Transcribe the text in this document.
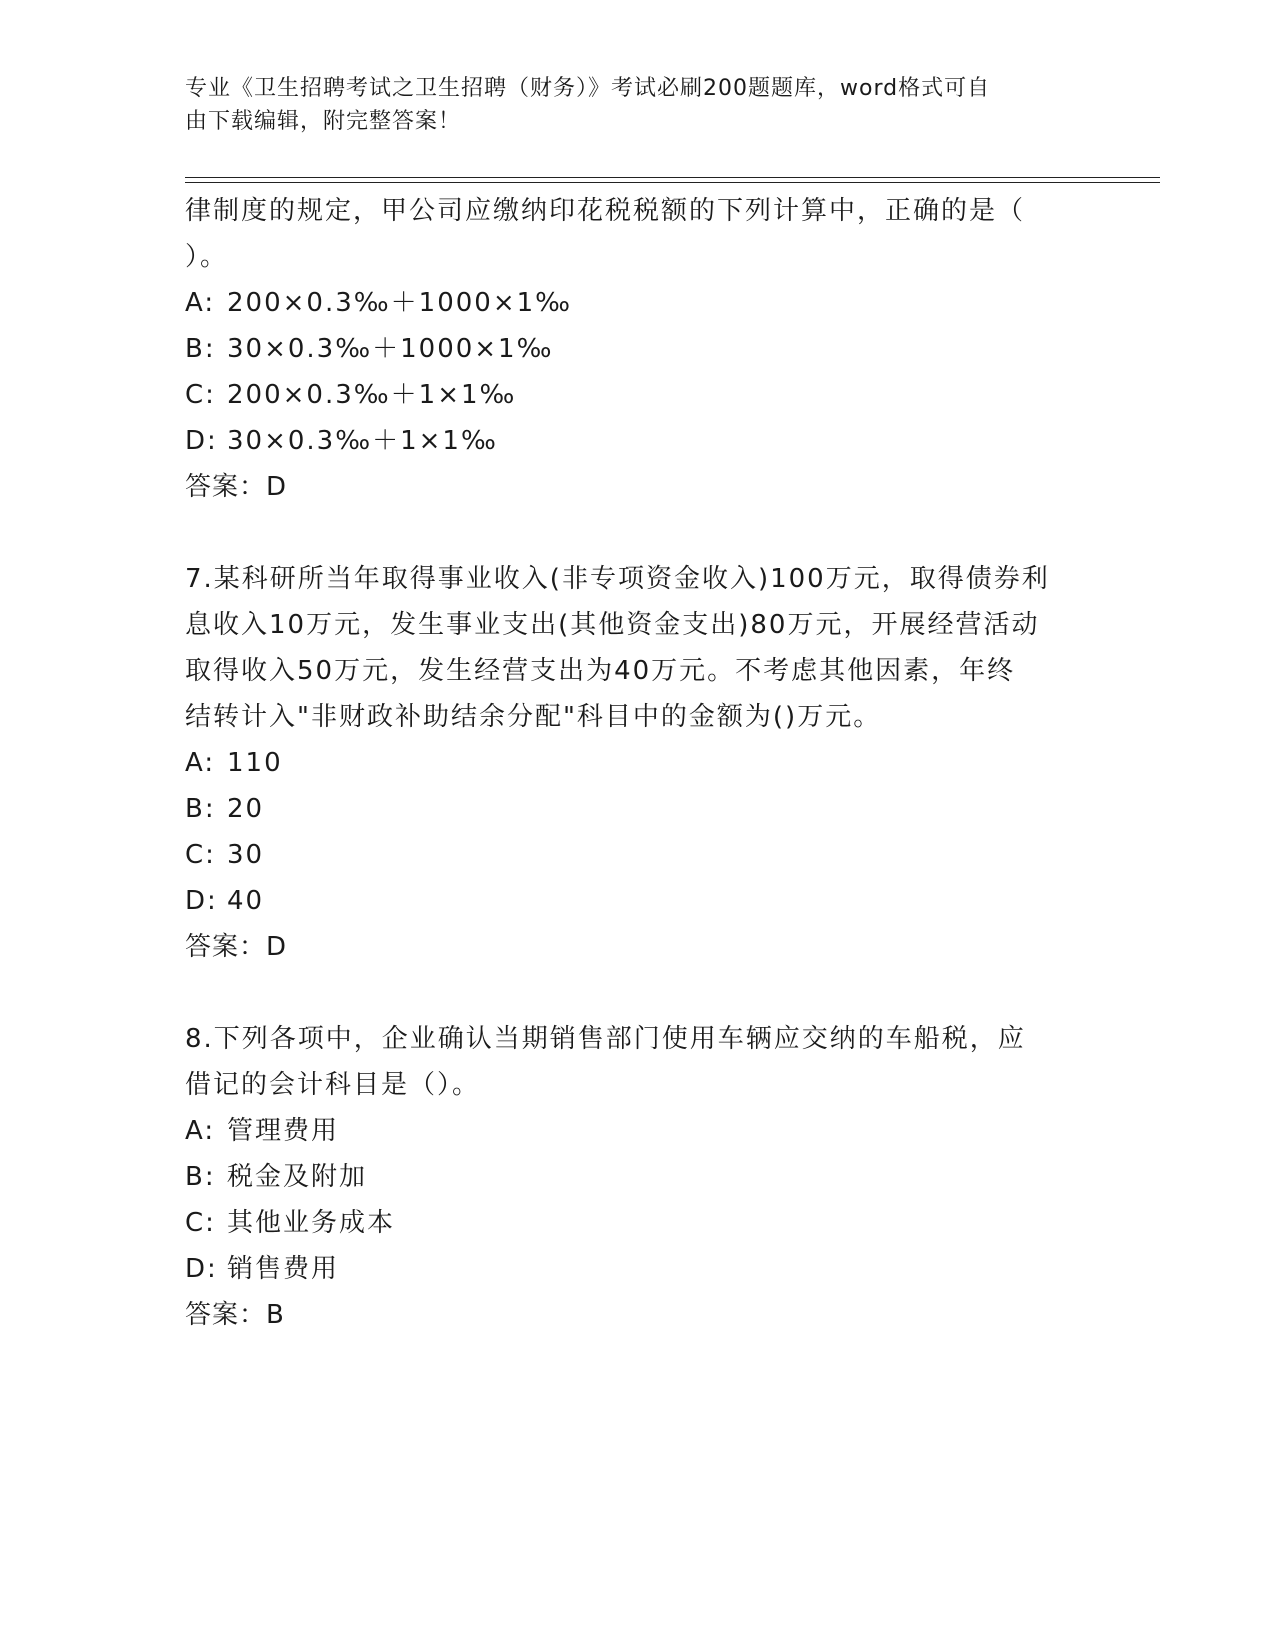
专业《卫生招聘考试之卫生招聘（财务）》考试必刷200题题库，word格式可自
由下载编辑，附完整答案！
律制度的规定，甲公司应缴纳印花税税额的下列计算中，正确的是（
）。
A: 200×0.3‰＋1000×1‰
B: 30×0.3‰＋1000×1‰
C: 200×0.3‰＋1×1‰
D: 30×0.3‰＋1×1‰
答案：D
7.某科研所当年取得事业收入(非专项资金收入)100万元，取得债券利
息收入10万元，发生事业支出(其他资金支出)80万元，开展经营活动
取得收入50万元，发生经营支出为40万元。不考虑其他因素，年终
结转计入"非财政补助结余分配"科目中的金额为()万元。
A: 110
B: 20
C: 30
D: 40
答案：D
8.下列各项中，企业确认当期销售部门使用车辆应交纳的车船税，应
借记的会计科目是（）。
A: 管理费用
B: 税金及附加
C: 其他业务成本
D: 销售费用
答案：B
